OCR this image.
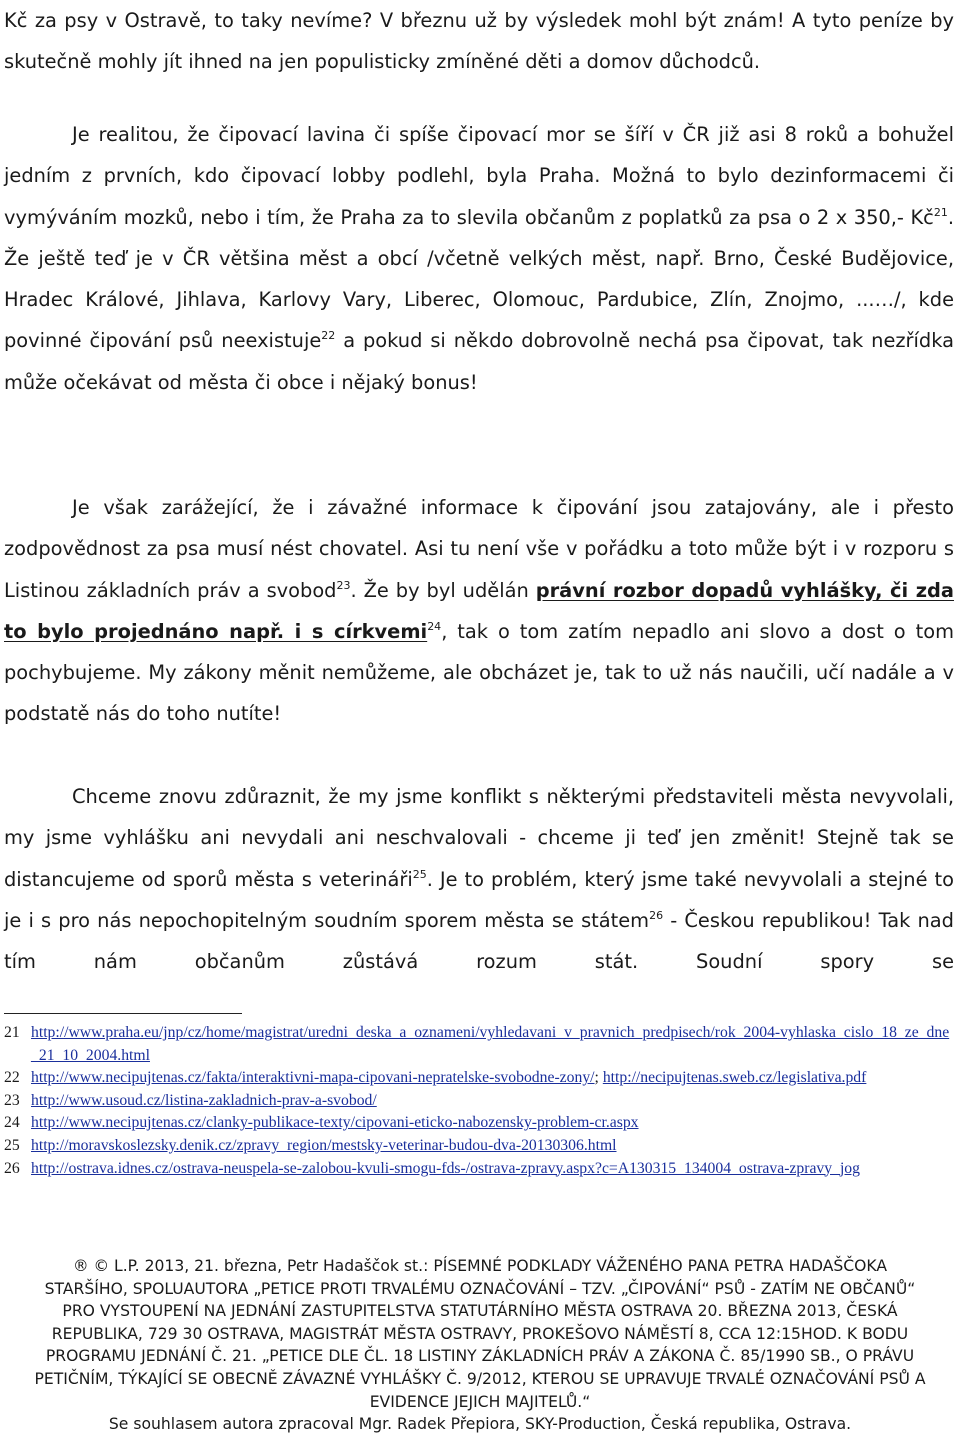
Kč za psy v Ostravě, to taky nevíme? V březnu už by výsledek mohl být znám! A tyto peníze by skutečně mohly jít ihned na jen populisticky zmíněné děti a domov důchodců.

Je realitou, že čipovací lavina či spíše čipovací mor se šíří v ČR již asi 8 roků a bohužel jedním z prvních, kdo čipovací lobby podlehl, byla Praha. Možná to bylo dezinformacemi či vymýváním mozků, nebo i tím, že Praha za to slevila občanům z poplatků za psa o 2 x 350,- $Kč^{21}$. Že ještě teď je v ČR většina měst a obcí /včetně velkých měst, např. Brno, České Budějovice, Hradec Králové, Jihlava, Karlovy Vary, Liberec, Olomouc, Pardubice, Zlín, Znojmo, ...…/, kde povinné čipování psů neexistuje$^{22}$ a pokud si někdo dobrovolně nechá psa čipovat, tak nezřídka může očekávat od města či obce i nějaký bonus!

Je však zarážející, že i závažné informace k čipování jsou zatajovány, ale i přesto zodpovědnost za psa musí nést chovatel. Asi tu není vše v pořádku a toto může být i v rozporu s Listinou základních práv a svobod$^{23}$. Že by byl udělán právní rozbor dopadů vyhlášky, či zda to bylo projednáno např. i s církvemi$^{24}$, tak o tom zatím nepadlo ani slovo a dost o tom pochybujeme. My zákony měnit nemůžeme, ale obcházet je, tak to už nás naučili, učí nadále a v podstatě nás do toho nutíte!

Chceme znovu zdůraznit, že my jsme konflikt s některými představiteli města nevyvolali, my jsme vyhlášku ani nevydali ani neschvalovali - chceme ji teď jen změnit! Stejně tak se distancujeme od sporů města s veterináři$^{25}$. Je to problém, který jsme také nevyvolali a stejné to je i s pro nás nepochopitelným soudním sporem města se státem$^{26}$ - Českou republikou! Tak nad tím nám občanům zůstává rozum stát. Soudní spory se

21 http://www.praha.eu/jnp/cz/home/magistrat/uredni_deska_a_oznameni/vyhledavani_v_pravnich_predpisech/rok_2004-vyhlaska_cislo_18_ze_dne_21_10_2004.html
22 http://www.necipujtenas.cz/fakta/interaktivni-mapa-cipovani-nepratelske-svobodne-zony/; http://necipujtenas.sweb.cz/legislativa.pdf
23 http://www.usoud.cz/listina-zakladnich-prav-a-svobod/
24 http://www.necipujtenas.cz/clanky-publikace-texty/cipovani-eticko-nabozensky-problem-cr.aspx
25 http://moravskoslezsky.denik.cz/zpravy_region/mestsky-veterinar-budou-dva-20130306.html
26 http://ostrava.idnes.cz/ostrava-neuspela-se-zalobou-kvuli-smogu-fds-/ostrava-zpravy.aspx?c=A130315_134004_ostrava-zpravy_jog

® © L.P. 2013, 21. března, Petr Hadaščok st.: PÍSEMNÉ PODKLADY VÁŽENÉHO PANA PETRA HADAŠČOKA STARŠÍHO, SPOLUAUTORA „PETICE PROTI TRVALÉMU OZNAČOVÁNÍ – TZV. „ČIPOVÁNÍ“ PSŮ - ZATÍM NE OBČANŮ“ PRO VYSTOUPENÍ NA JEDNÁNÍ ZASTUPITELSTVA STATUTÁRNÍHO MĚSTA OSTRAVA 20. BŘEZNA 2013, ČESKÁ REPUBLIKA, 729 30 OSTRAVA, MAGISTRÁT MĚSTA OSTRAVY, PROKEŠOVO NÁMĚSTÍ 8, CCA 12:15HOD. K BODU PROGRAMU JEDNÁNÍ Č. 21. „PETICE DLE ČL. 18 LISTINY ZÁKLADNÍCH PRÁV A ZÁKONA Č. 85/1990 SB., O PRÁVU PETIČNÍM, TÝKAJÍCÍ SE OBECNĚ ZÁVAZNÉ VYHLÁŠKY Č. 9/2012, KTEROU SE UPRAVUJE TRVALÉ OZNAČOVÁNÍ PSŮ A EVIDENCE JEJICH MAJITELŮ.“

Se souhlasem autora zpracoval Mgr. Radek Přepiora, SKY-Production, Česká republika, Ostrava.
